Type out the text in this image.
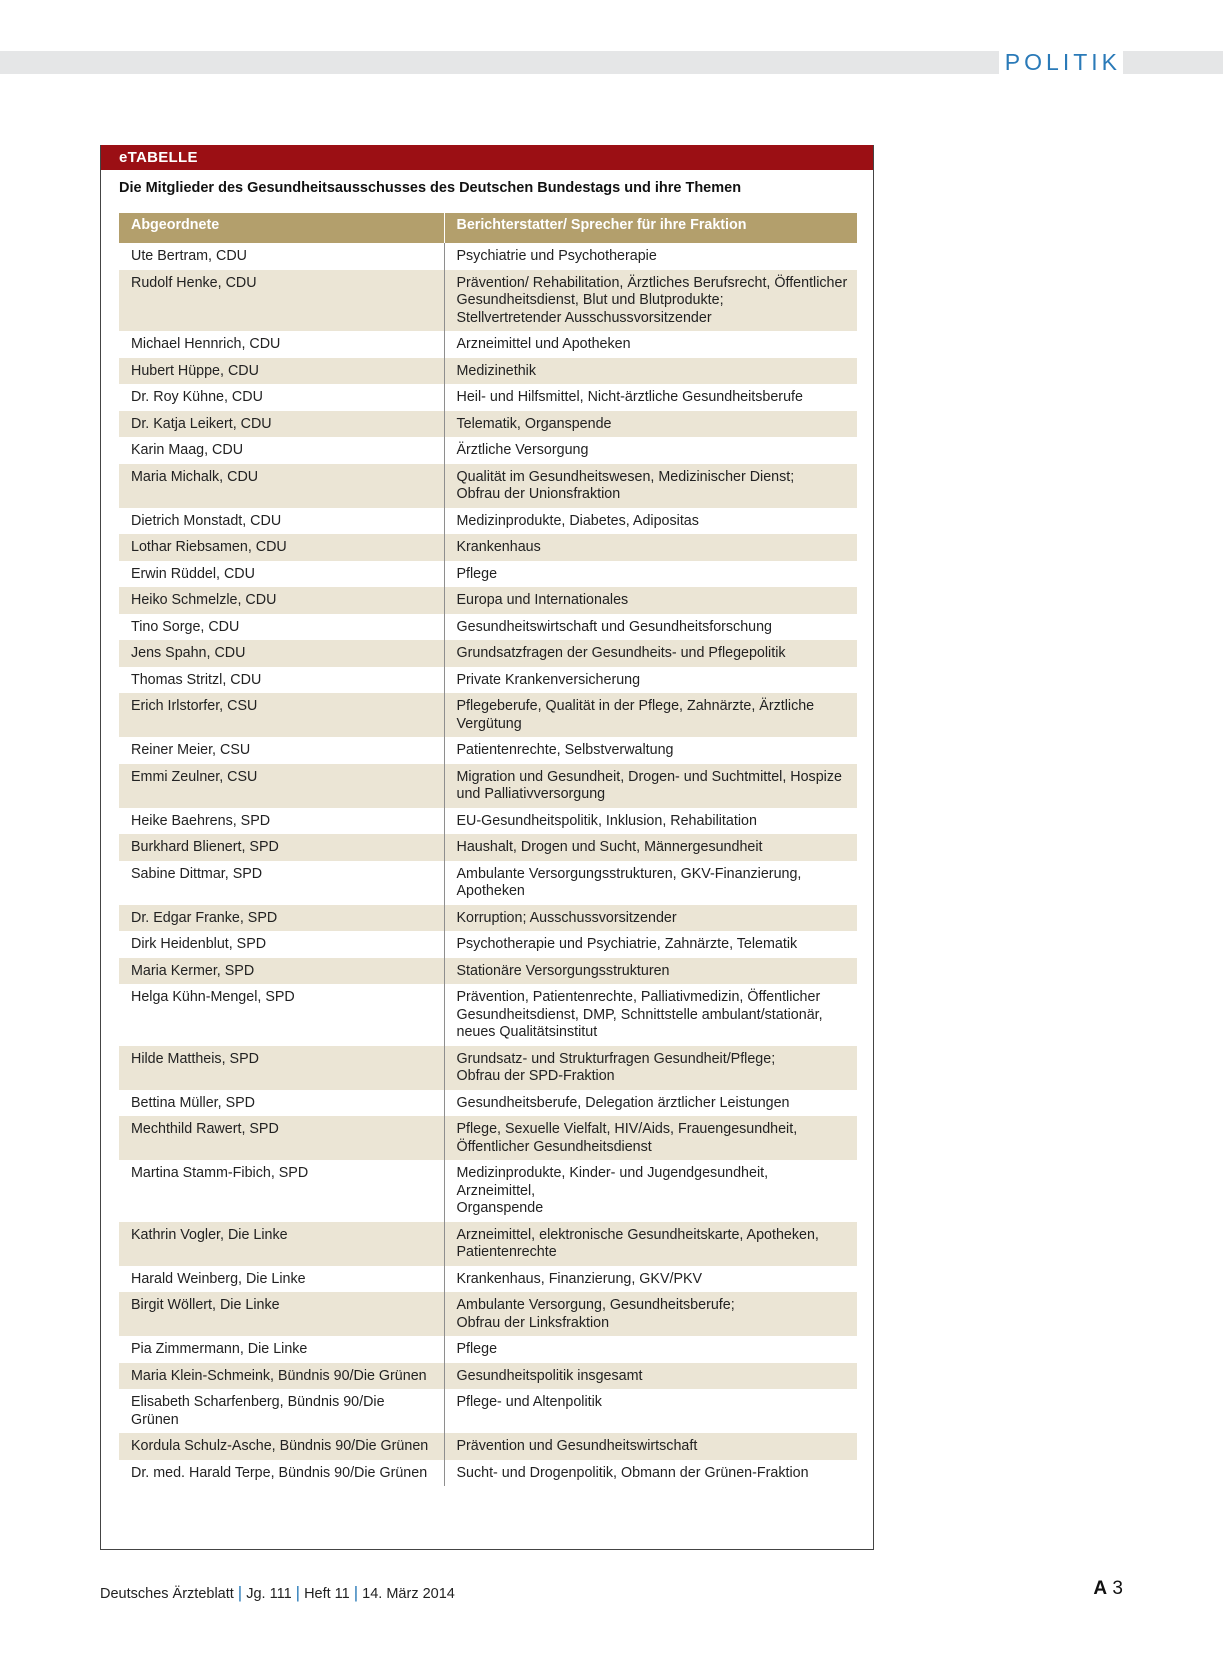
POLITIK
eTABELLE
Die Mitglieder des Gesundheitsausschusses des Deutschen Bundestags und ihre Themen
Abgeordnete	Berichterstatter/ Sprecher für ihre Fraktion
Ute Bertram, CDU	Psychiatrie und Psychotherapie
Rudolf Henke, CDU	Prävention/ Rehabilitation, Ärztliches Berufsrecht, Öffentlicher
Gesundheitsdienst, Blut und Blutprodukte;
Stellvertretender Ausschussvorsitzender
Michael Hennrich, CDU	Arzneimittel und Apotheken
Hubert Hüppe, CDU	Medizinethik
Dr. Roy Kühne, CDU	Heil- und Hilfsmittel, Nicht-ärztliche Gesundheitsberufe
Dr. Katja Leikert, CDU	Telematik, Organspende
Karin Maag, CDU	Ärztliche Versorgung
Maria Michalk, CDU	Qualität im Gesundheitswesen, Medizinischer Dienst;
Obfrau der Unionsfraktion
Dietrich Monstadt, CDU	Medizinprodukte, Diabetes, Adipositas
Lothar Riebsamen, CDU	Krankenhaus
Erwin Rüddel, CDU	Pflege
Heiko Schmelzle, CDU	Europa und Internationales
Tino Sorge, CDU	Gesundheitswirtschaft und Gesundheitsforschung
Jens Spahn, CDU	Grundsatzfragen der Gesundheits- und Pflegepolitik
Thomas Stritzl, CDU	Private Krankenversicherung
Erich Irlstorfer, CSU	Pflegeberufe, Qualität in der Pflege, Zahnärzte, Ärztliche Vergütung
Reiner Meier, CSU	Patientenrechte, Selbstverwaltung
Emmi Zeulner, CSU	Migration und Gesundheit, Drogen- und Suchtmittel, Hospize
und Palliativversorgung
Heike Baehrens, SPD	EU-Gesundheitspolitik, Inklusion, Rehabilitation
Burkhard Blienert, SPD	Haushalt, Drogen und Sucht, Männergesundheit
Sabine Dittmar, SPD	Ambulante Versorgungsstrukturen, GKV-Finanzierung, Apotheken
Dr. Edgar Franke, SPD	Korruption; Ausschussvorsitzender
Dirk Heidenblut, SPD	Psychotherapie und Psychiatrie, Zahnärzte, Telematik
Maria Kermer, SPD	Stationäre Versorgungsstrukturen
Helga Kühn-Mengel, SPD	Prävention, Patientenrechte, Palliativmedizin, Öffentlicher
Gesundheitsdienst, DMP, Schnittstelle ambulant/stationär,
neues Qualitätsinstitut
Hilde Mattheis, SPD	Grundsatz- und Strukturfragen Gesundheit/Pflege;
Obfrau der SPD-Fraktion
Bettina Müller, SPD	Gesundheitsberufe, Delegation ärztlicher Leistungen
Mechthild Rawert, SPD	Pflege, Sexuelle Vielfalt, HIV/Aids, Frauengesundheit,
Öffentlicher Gesundheitsdienst
Martina Stamm-Fibich, SPD	Medizinprodukte, Kinder- und Jugendgesundheit, Arzneimittel,
Organspende
Kathrin Vogler, Die Linke	Arzneimittel, elektronische Gesundheitskarte, Apotheken,
Patientenrechte
Harald Weinberg, Die Linke	Krankenhaus, Finanzierung, GKV/PKV
Birgit Wöllert, Die Linke	Ambulante Versorgung, Gesundheitsberufe;
Obfrau der Linksfraktion
Pia Zimmermann, Die Linke	Pflege
Maria Klein-Schmeink, Bündnis 90/Die Grünen	Gesundheitspolitik insgesamt
Elisabeth Scharfenberg, Bündnis 90/Die Grünen	Pflege- und Altenpolitik
Kordula Schulz-Asche, Bündnis 90/Die Grünen	Prävention und Gesundheitswirtschaft
Dr. med. Harald Terpe, Bündnis 90/Die Grünen	Sucht- und Drogenpolitik, Obmann der Grünen-Fraktion
Deutsches Ärzteblatt | Jg. 111 | Heft 11 | 14. März 2014	A 3
